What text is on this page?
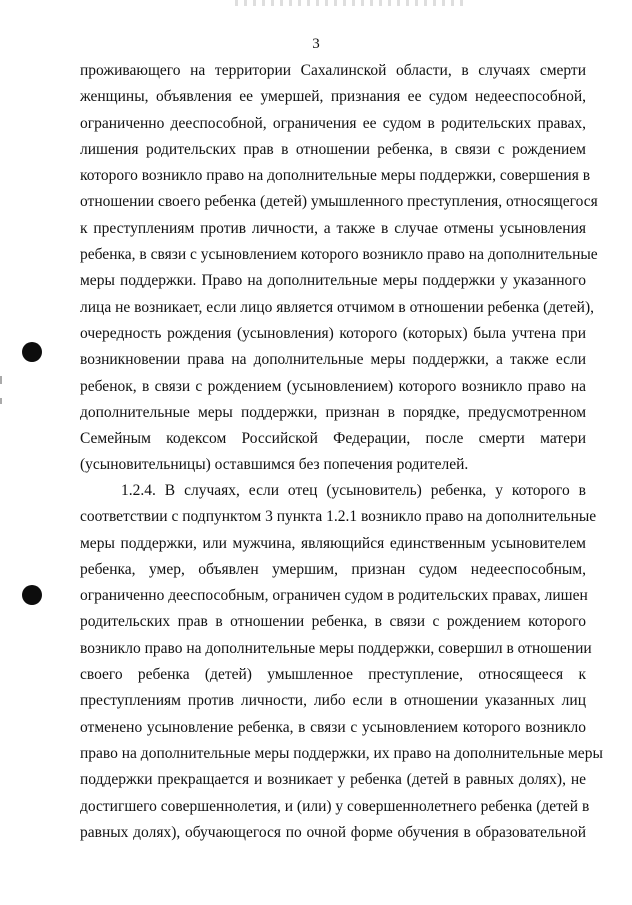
3
проживающего на территории Сахалинской области, в случаях смерти
женщины, объявления ее умершей, признания ее судом недееспособной,
ограниченно дееспособной, ограничения ее судом в родительских правах,
лишения родительских прав в отношении ребенка, в связи с рождением
которого возникло право на дополнительные меры поддержки, совершения в
отношении своего ребенка (детей) умышленного преступления, относящегося
к преступлениям против личности, а также в случае отмены усыновления
ребенка, в связи с усыновлением которого возникло право на дополнительные
меры поддержки. Право на дополнительные меры поддержки у указанного
лица не возникает, если лицо является отчимом в отношении ребенка (детей),
очередность рождения (усыновления) которого (которых) была учтена при
возникновении права на дополнительные меры поддержки, а также если
ребенок, в связи с рождением (усыновлением) которого возникло право на
дополнительные меры поддержки, признан в порядке, предусмотренном
Семейным кодексом Российской Федерации, после смерти матери
(усыновительницы) оставшимся без попечения родителей.
1.2.4. В случаях, если отец (усыновитель) ребенка, у которого в
соответствии с подпунктом 3 пункта 1.2.1 возникло право на дополнительные
меры поддержки, или мужчина, являющийся единственным усыновителем
ребенка, умер, объявлен умершим, признан судом недееспособным,
ограниченно дееспособным, ограничен судом в родительских правах, лишен
родительских прав в отношении ребенка, в связи с рождением которого
возникло право на дополнительные меры поддержки, совершил в отношении
своего ребенка (детей) умышленное преступление, относящееся к
преступлениям против личности, либо если в отношении указанных лиц
отменено усыновление ребенка, в связи с усыновлением которого возникло
право на дополнительные меры поддержки, их право на дополнительные меры
поддержки прекращается и возникает у ребенка (детей в равных долях), не
достигшего совершеннолетия, и (или) у совершеннолетнего ребенка (детей в
равных долях), обучающегося по очной форме обучения в образовательной
